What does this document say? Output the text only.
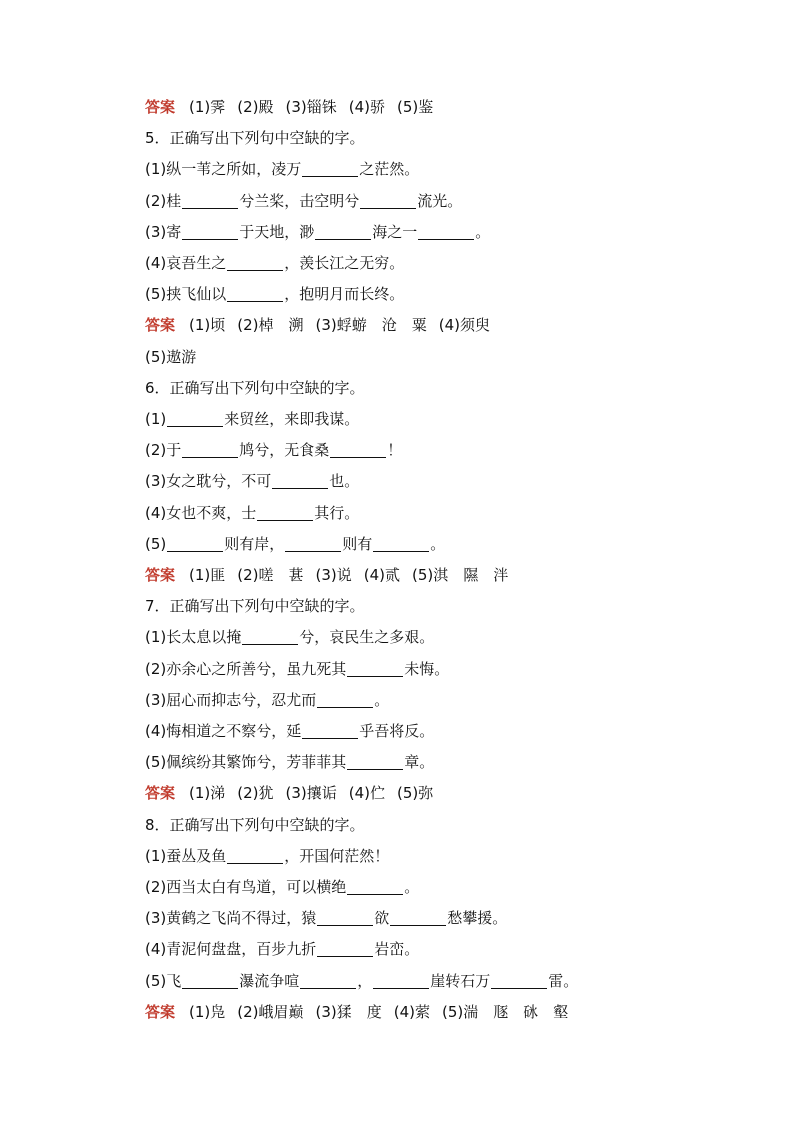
答案 (1)霁 (2)殿 (3)锱铢 (4)骄 (5)鉴
5．正确写出下列句中空缺的字。
(1)纵一苇之所如，凌万	之茫然。
(2)桂	兮兰桨，击空明兮	流光。
(3)寄	于天地，渺	海之一	。
(4)哀吾生之	，羡长江之无穷。
(5)挟飞仙以	，抱明月而长终。
答案 (1)顷 (2)棹　溯 (3)蜉蝣　沧　粟 (4)须臾
(5)遨游
6．正确写出下列句中空缺的字。
(1)	来贸丝，来即我谋。
(2)于	鸠兮，无食桑	！
(3)女之耽兮，不可	也。
(4)女也不爽，士	其行。
(5)	则有岸，	则有	。
答案 (1)匪 (2)嗟　葚 (3)说 (4)贰 (5)淇　隰　泮
7．正确写出下列句中空缺的字。
(1)长太息以掩	兮，哀民生之多艰。
(2)亦余心之所善兮，虽九死其	未悔。
(3)屈心而抑志兮，忍尤而	。
(4)悔相道之不察兮，延	乎吾将反。
(5)佩缤纷其繁饰兮，芳菲菲其	章。
答案 (1)涕 (2)犹 (3)攘诟 (4)伫 (5)弥
8．正确写出下列句中空缺的字。
(1)蚕丛及鱼	，开国何茫然！
(2)西当太白有鸟道，可以横绝	。
(3)黄鹤之飞尚不得过，猿	欲	愁攀援。
(4)青泥何盘盘，百步九折	岩峦。
(5)飞	瀑流争喧	，	崖转石万	雷。
答案 (1)凫 (2)峨眉巅 (3)猱　度 (4)萦 (5)湍　豗　砯　壑
